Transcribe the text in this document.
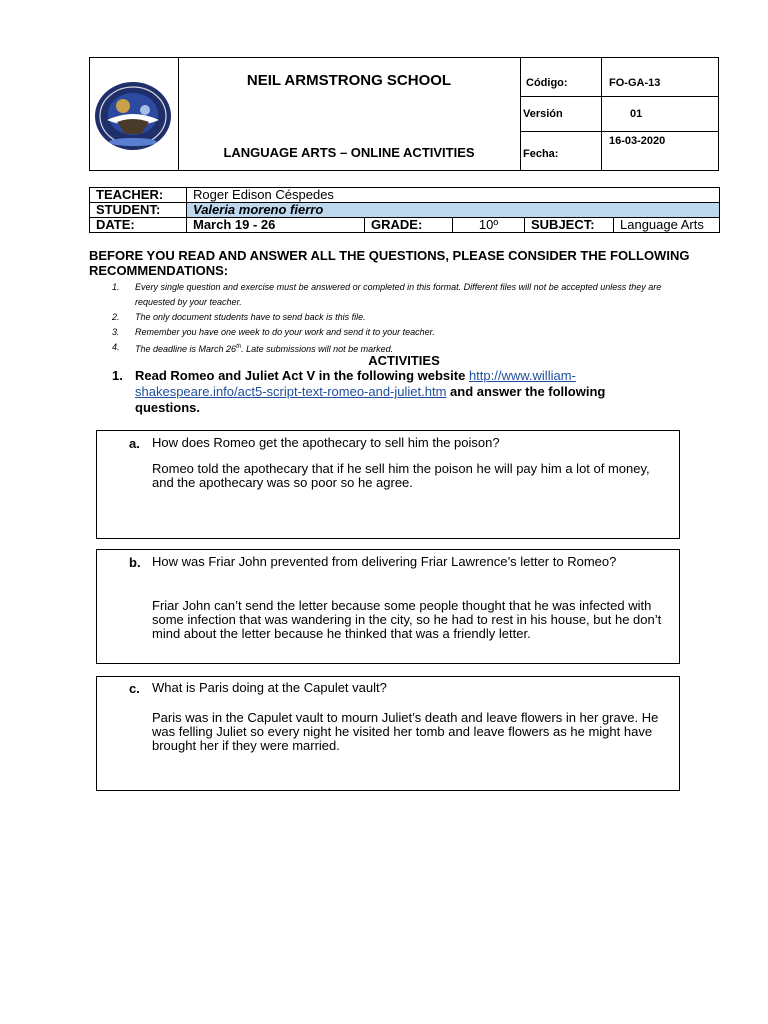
NEIL ARMSTRONG SCHOOL
LANGUAGE ARTS – ONLINE ACTIVITIES
Código:	FO-GA-13
Versión	01
Fecha:
16-03-2020
TEACHER:	Roger Edison Céspedes				
STUDENT:	Valeria moreno fierro				
DATE:	March 19 - 26	GRADE:	10º	SUBJECT:	Language Arts
BEFORE YOU READ AND ANSWER ALL THE QUESTIONS, PLEASE CONSIDER THE FOLLOWING RECOMMENDATIONS:
1. Every single question and exercise must be answered or completed in this format. Different files will not be accepted unless they are requested by your teacher.
2. The only document students have to send back is this file.
3. Remember you have one week to do your work and send it to your teacher.
4. The deadline is March 26th. Late submissions will not be marked.
ACTIVITIES
1. Read Romeo and Juliet Act V in the following website http://www.william-shakespeare.info/act5-script-text-romeo-and-juliet.htm and answer the following questions.
a. How does Romeo get the apothecary to sell him the poison?
Romeo told the apothecary that if he sell him the poison he will pay him a lot of money, and the apothecary was so poor so he agree.
b. How was Friar John prevented from delivering Friar Lawrence’s letter to Romeo?
Friar John can’t send the letter because some people thought that he was infected with some infection that was wandering in the city, so he had to rest in his house, but he don’t mind about the letter because he thinked that was a friendly letter.
c. What is Paris doing at the Capulet vault?
Paris was in the Capulet vault to mourn Juliet’s death and leave flowers in her grave. He was felling Juliet so every night he visited her tomb and leave flowers as he might have brought her if they were married.
